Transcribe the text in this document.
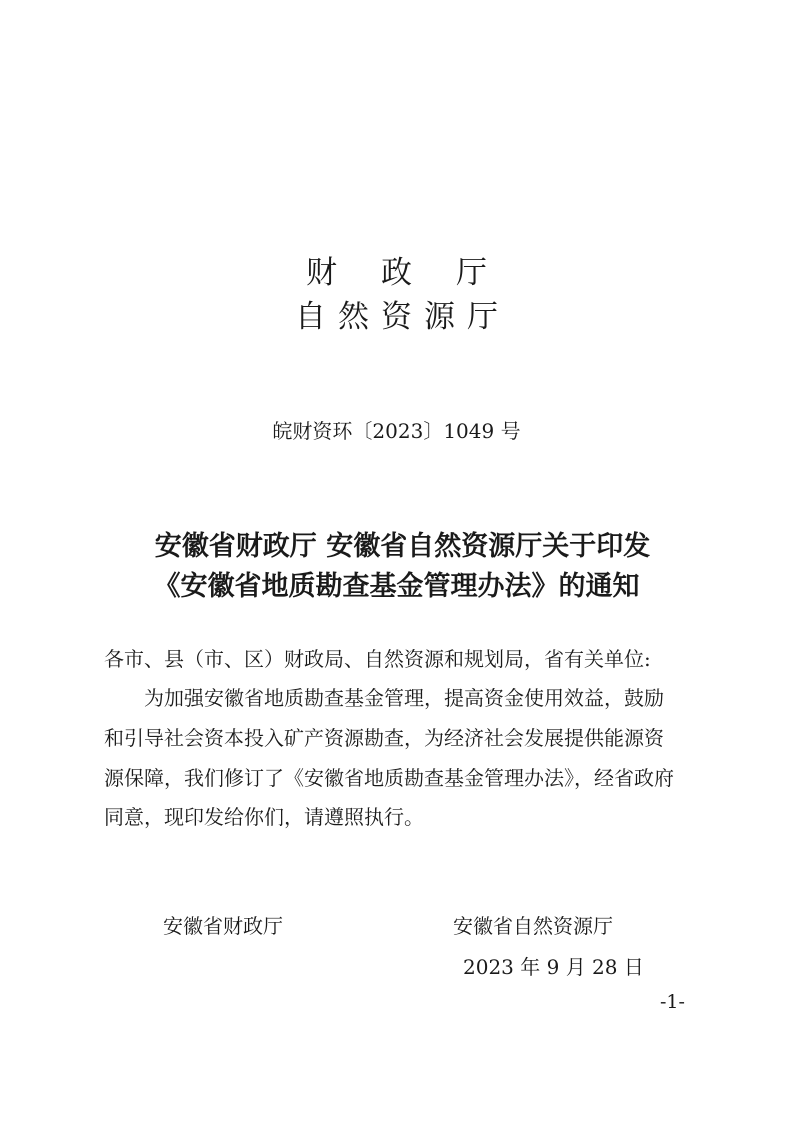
财政厅
自然资源厅
皖财资环〔2023〕1049 号
安徽省财政厅 安徽省自然资源厅关于印发
《安徽省地质勘查基金管理办法》的通知
各市、县（市、区）财政局、自然资源和规划局，省有关单位:
为加强安徽省地质勘查基金管理，提高资金使用效益，鼓励
和引导社会资本投入矿产资源勘查，为经济社会发展提供能源资
源保障，我们修订了《安徽省地质勘查基金管理办法》，经省政府
同意，现印发给你们，请遵照执行。
安徽省财政厅	安徽省自然资源厅
2023 年 9 月 28 日
-1-
